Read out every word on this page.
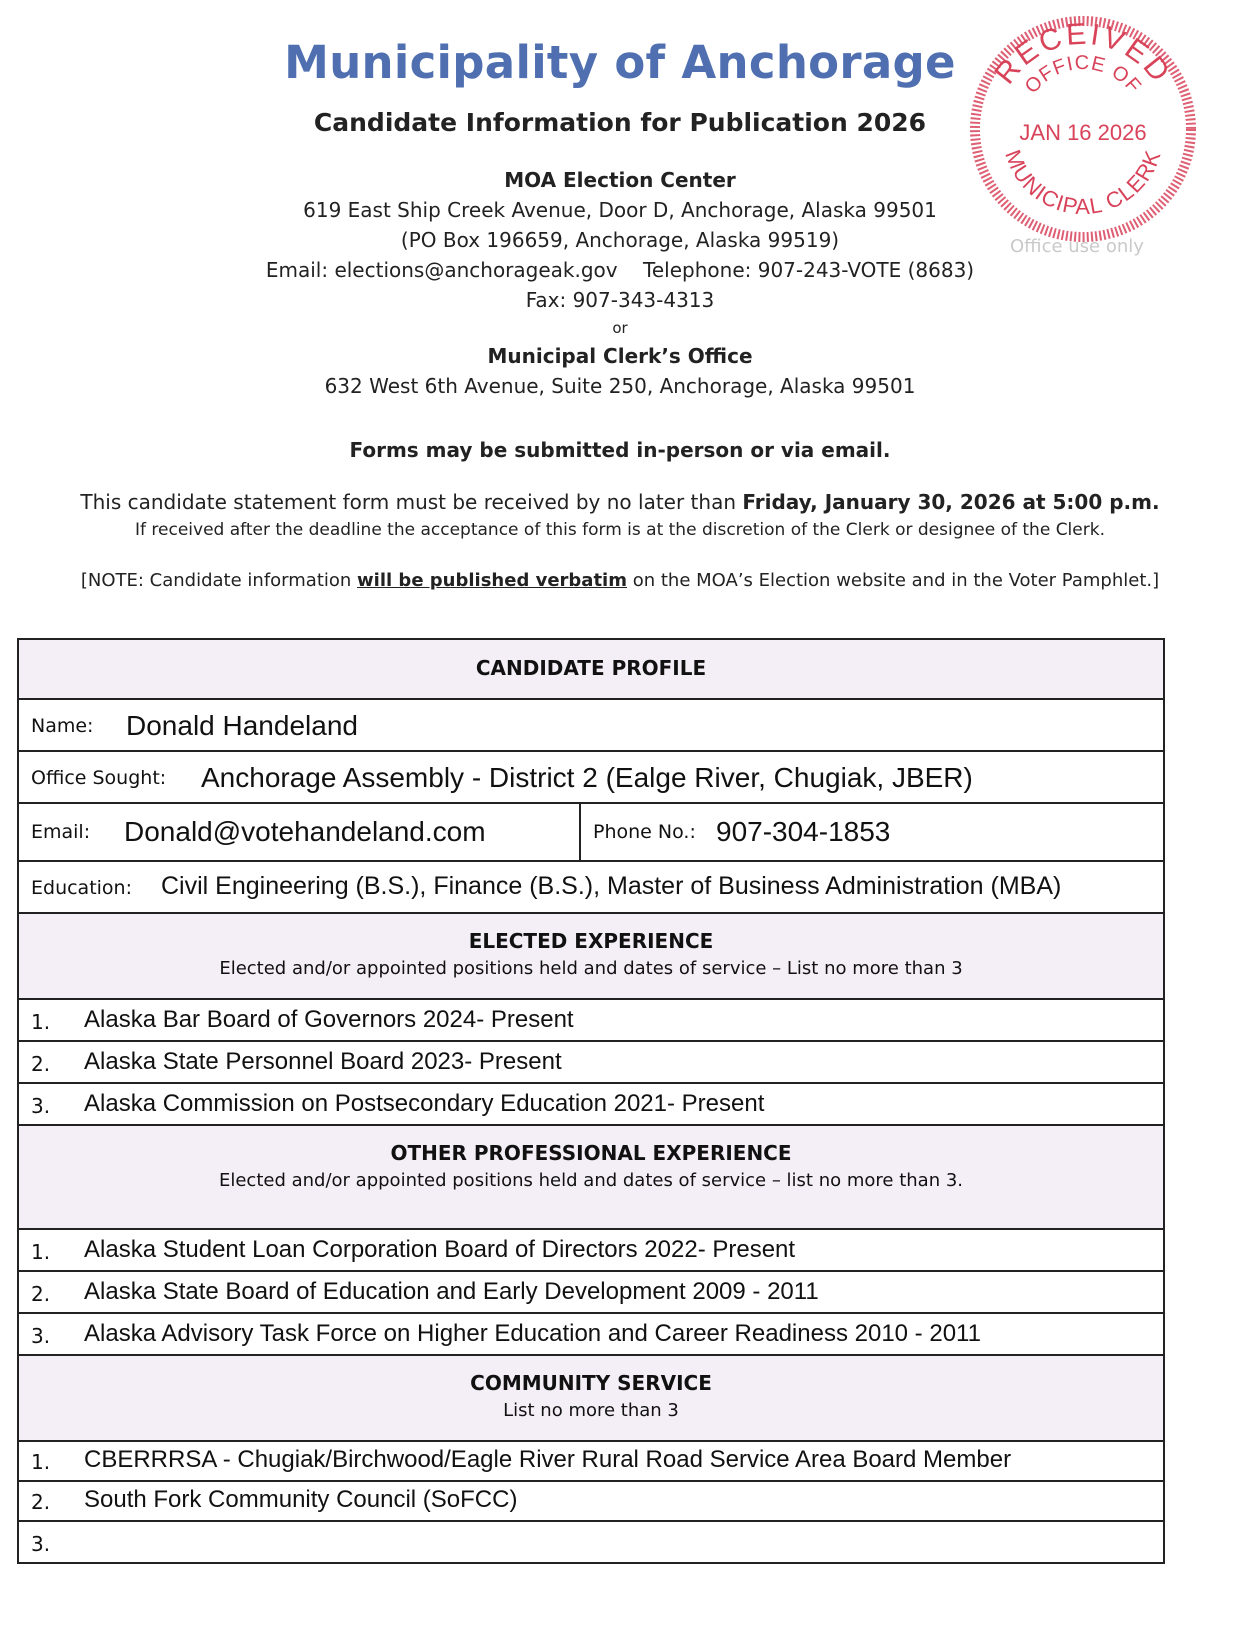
Municipality of Anchorage
Candidate Information for Publication 2026
MOA Election Center
619 East Ship Creek Avenue, Door D, Anchorage, Alaska 99501
(PO Box 196659, Anchorage, Alaska 99519)
Email: elections@anchorageak.gov    Telephone: 907-243-VOTE (8683)
Fax: 907-343-4313
or
Municipal Clerk’s Office
632 West 6th Avenue, Suite 250, Anchorage, Alaska 99501
Forms may be submitted in-person or via email.
This candidate statement form must be received by no later than Friday, January 30, 2026 at 5:00 p.m.
If received after the deadline the acceptance of this form is at the discretion of the Clerk or designee of the Clerk.
[NOTE: Candidate information will be published verbatim on the MOA’s Election website and in the Voter Pamphlet.]
RECEIVED
OFFICE OF
JAN 16 2026
MUNICIPAL CLERK
Office use only
CANDIDATE PROFILE
Name: Donald Handeland
Office Sought: Anchorage Assembly - District 2 (Ealge River, Chugiak, JBER)
Email: Donald@votehandeland.com	Phone No.: 907-304-1853
Education: Civil Engineering (B.S.), Finance (B.S.), Master of Business Administration (MBA)
ELECTED EXPERIENCE
Elected and/or appointed positions held and dates of service – List no more than 3
1. Alaska Bar Board of Governors 2024- Present
2. Alaska State Personnel Board 2023- Present
3. Alaska Commission on Postsecondary Education 2021- Present
OTHER PROFESSIONAL EXPERIENCE
Elected and/or appointed positions held and dates of service – list no more than 3.
1. Alaska Student Loan Corporation Board of Directors 2022- Present
2. Alaska State Board of Education and Early Development 2009 - 2011
3. Alaska Advisory Task Force on Higher Education and Career Readiness 2010 - 2011
COMMUNITY SERVICE
List no more than 3
1. CBERRRSA - Chugiak/Birchwood/Eagle River Rural Road Service Area Board Member
2. South Fork Community Council (SoFCC)
3.
